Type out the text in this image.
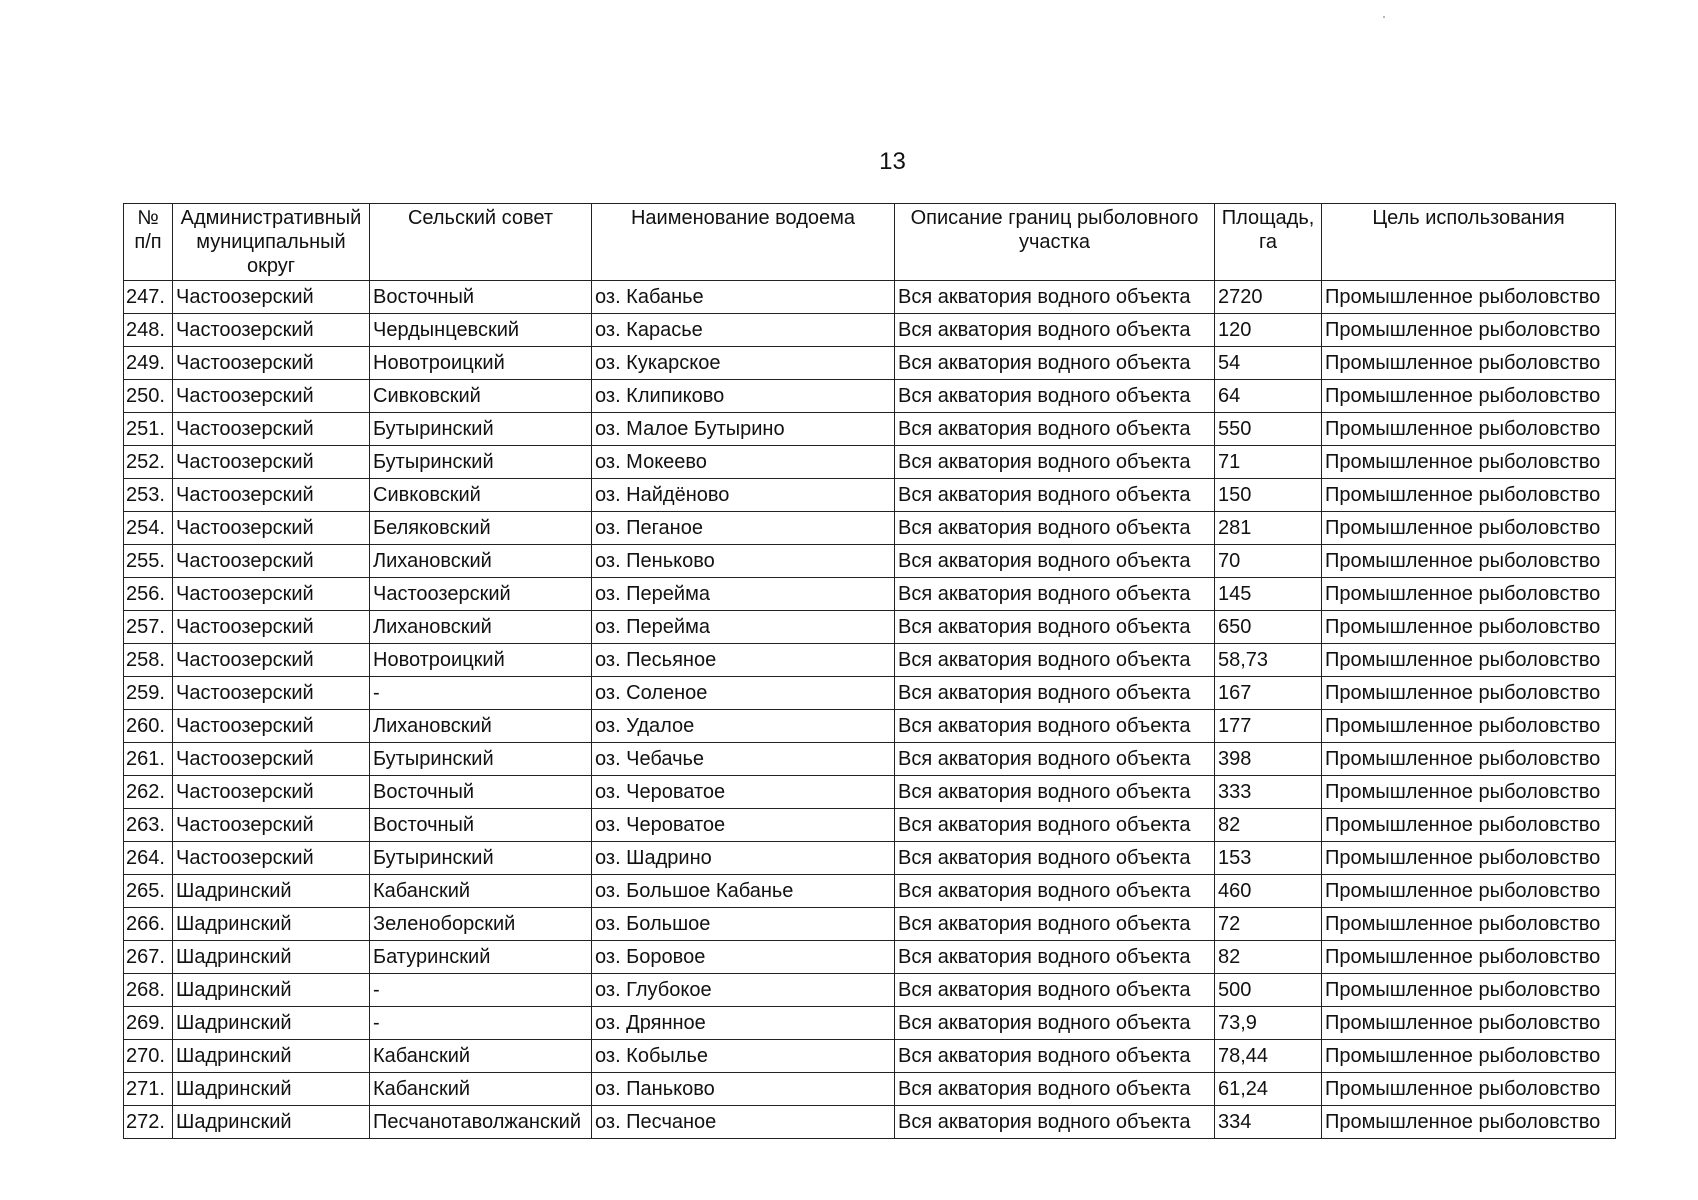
13
№
п/п	Административный
муниципальный
округ	Сельский совет	Наименование водоема	Описание границ рыболовного
участка	Площадь,
га	Цель использования

247.	Частоозерский	Восточный	оз. Кабанье	Вся акватория водного объекта	2720	Промышленное рыболовство
248.	Частоозерский	Чердынцевский	оз. Карасье	Вся акватория водного объекта	120	Промышленное рыболовство
249.	Частоозерский	Новотроицкий	оз. Кукарское	Вся акватория водного объекта	54	Промышленное рыболовство
250.	Частоозерский	Сивковский	оз. Клипиково	Вся акватория водного объекта	64	Промышленное рыболовство
251.	Частоозерский	Бутыринский	оз. Малое Бутырино	Вся акватория водного объекта	550	Промышленное рыболовство
252.	Частоозерский	Бутыринский	оз. Мокеево	Вся акватория водного объекта	71	Промышленное рыболовство
253.	Частоозерский	Сивковский	оз. Найдёново	Вся акватория водного объекта	150	Промышленное рыболовство
254.	Частоозерский	Беляковский	оз. Пеганое	Вся акватория водного объекта	281	Промышленное рыболовство
255.	Частоозерский	Лихановский	оз. Пеньково	Вся акватория водного объекта	70	Промышленное рыболовство
256.	Частоозерский	Частоозерский	оз. Перейма	Вся акватория водного объекта	145	Промышленное рыболовство
257.	Частоозерский	Лихановский	оз. Перейма	Вся акватория водного объекта	650	Промышленное рыболовство
258.	Частоозерский	Новотроицкий	оз. Песьяное	Вся акватория водного объекта	58,73	Промышленное рыболовство
259.	Частоозерский	-	оз. Соленое	Вся акватория водного объекта	167	Промышленное рыболовство
260.	Частоозерский	Лихановский	оз. Удалое	Вся акватория водного объекта	177	Промышленное рыболовство
261.	Частоозерский	Бутыринский	оз. Чебачье	Вся акватория водного объекта	398	Промышленное рыболовство
262.	Частоозерский	Восточный	оз. Чероватое	Вся акватория водного объекта	333	Промышленное рыболовство
263.	Частоозерский	Восточный	оз. Чероватое	Вся акватория водного объекта	82	Промышленное рыболовство
264.	Частоозерский	Бутыринский	оз. Шадрино	Вся акватория водного объекта	153	Промышленное рыболовство
265.	Шадринский	Кабанский	оз. Большое Кабанье	Вся акватория водного объекта	460	Промышленное рыболовство
266.	Шадринский	Зеленоборский	оз. Большое	Вся акватория водного объекта	72	Промышленное рыболовство
267.	Шадринский	Батуринский	оз. Боровое	Вся акватория водного объекта	82	Промышленное рыболовство
268.	Шадринский	-	оз. Глубокое	Вся акватория водного объекта	500	Промышленное рыболовство
269.	Шадринский	-	оз. Дрянное	Вся акватория водного объекта	73,9	Промышленное рыболовство
270.	Шадринский	Кабанский	оз. Кобылье	Вся акватория водного объекта	78,44	Промышленное рыболовство
271.	Шадринский	Кабанский	оз. Паньково	Вся акватория водного объекта	61,24	Промышленное рыболовство
272.	Шадринский	Песчанотаволжанский	оз. Песчаное	Вся акватория водного объекта	334	Промышленное рыболовство
